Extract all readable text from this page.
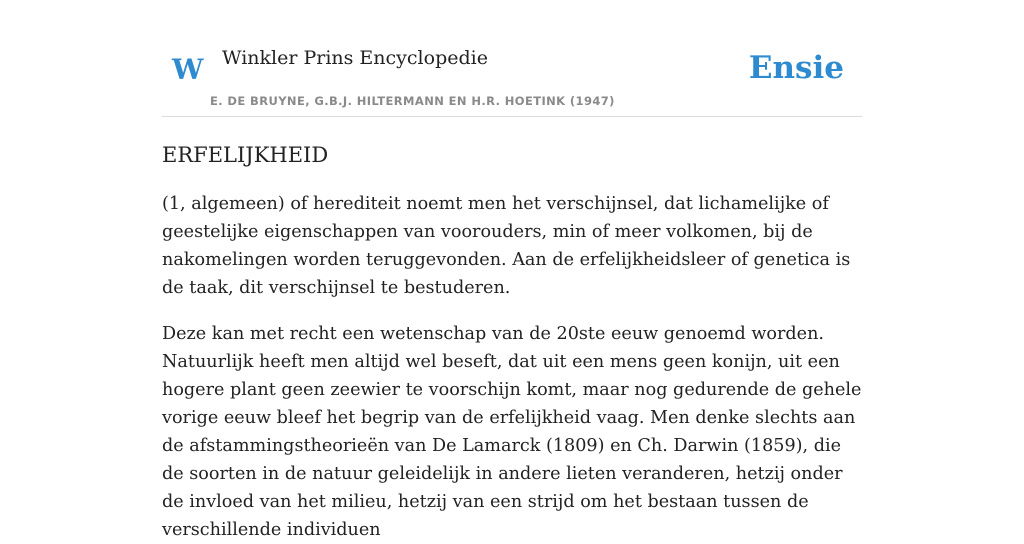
W Winkler Prins Encyclopedie
E. DE BRUYNE, G.B.J. HILTERMANN EN H.R. HOETINK (1947)
Ensie
ERFELIJKHEID

(1, algemeen) of herediteit noemt men het verschijnsel, dat lichamelijke of geestelijke eigenschappen van voorouders, min of meer volkomen, bij de nakomelingen worden teruggevonden. Aan de erfelijkheidsleer of genetica is de taak, dit verschijnsel te bestuderen.

Deze kan met recht een wetenschap van de 20ste eeuw genoemd worden. Natuurlijk heeft men altijd wel beseft, dat uit een mens geen konijn, uit een hogere plant geen zeewier te voorschijn komt, maar nog gedurende de gehele vorige eeuw bleef het begrip van de erfelijkheid vaag. Men denke slechts aan de afstammingstheorieën van De Lamarck (1809) en Ch. Darwin (1859), die de soorten in de natuur geleidelijk in andere lieten veranderen, hetzij onder de invloed van het milieu, hetzij van een strijd om het bestaan tussen de verschillende individuen
